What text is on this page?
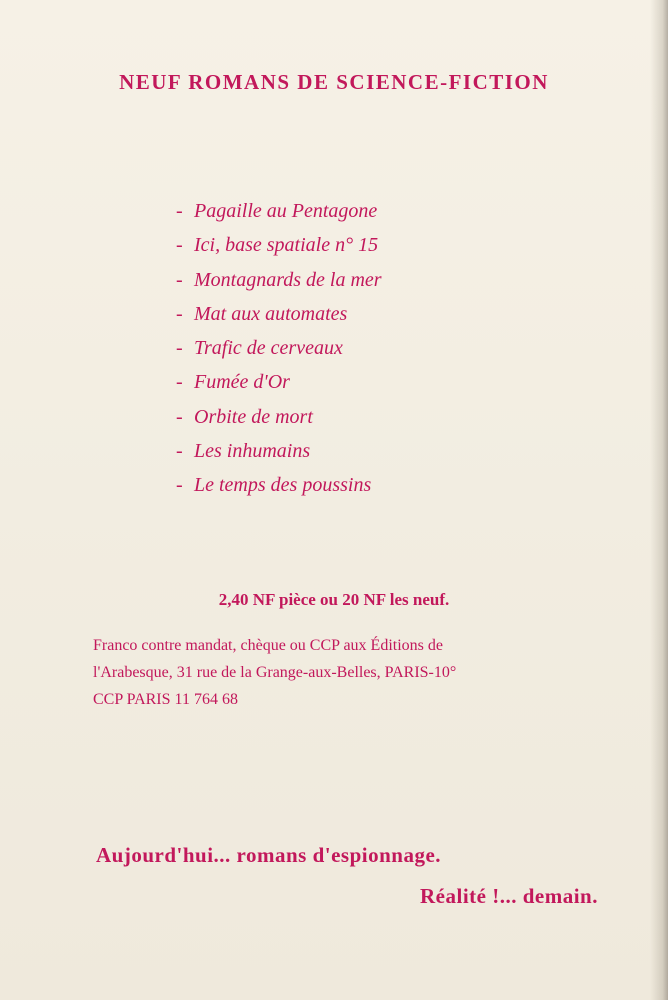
NEUF ROMANS DE SCIENCE-FICTION
- Pagaille au Pentagone
- Ici, base spatiale n° 15
- Montagnards de la mer
- Mat aux automates
- Trafic de cerveaux
- Fumée d'Or
- Orbite de mort
- Les inhumains
- Le temps des poussins
2,40 NF pièce ou 20 NF les neuf.
Franco contre mandat, chèque ou CCP aux Éditions de
l'Arabesque, 31 rue de la Grange-aux-Belles, PARIS-10°
CCP PARIS 11 764 68
Aujourd'hui... romans d'espionnage.
Réalité !... demain.
